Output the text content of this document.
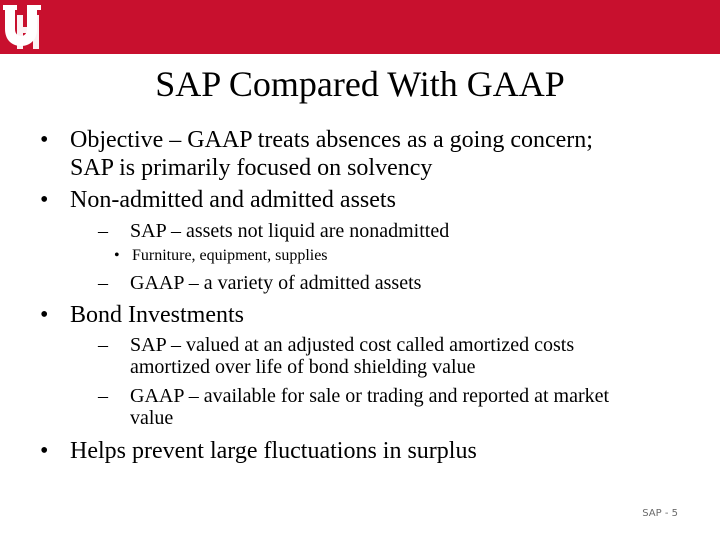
SAP Compared With GAAP
• Objective – GAAP treats absences as a going concern;
SAP is primarily focused on solvency
• Non-admitted and admitted assets
– SAP – assets not liquid are nonadmitted
• Furniture, equipment, supplies
– GAAP – a variety of admitted assets
• Bond Investments
– SAP – valued at an adjusted cost called amortized costs
amortized over life of bond shielding value
– GAAP – available for sale or trading and reported at market
value
• Helps prevent large fluctuations in surplus
SAP - 5
